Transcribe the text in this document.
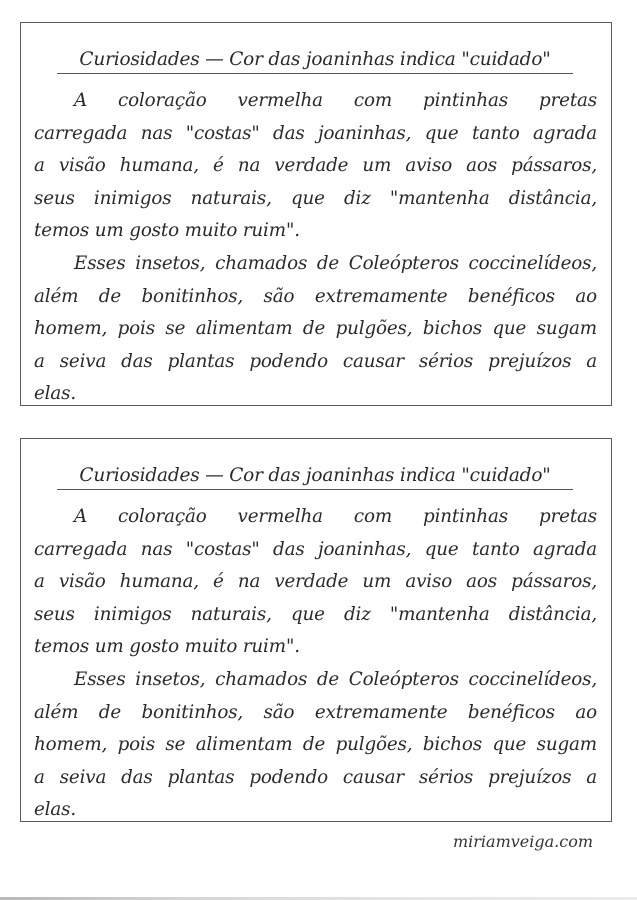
Curiosidades — Cor das joaninhas indica "cuidado"
A coloração vermelha com pintinhas pretas
carregada nas "costas" das joaninhas, que tanto agrada
a visão humana, é na verdade um aviso aos pássaros,
seus inimigos naturais, que diz "mantenha distância,
temos um gosto muito ruim".
Esses insetos, chamados de Coleópteros coccinelídeos,
além de bonitinhos, são extremamente benéficos ao
homem, pois se alimentam de pulgões, bichos que sugam
a seiva das plantas podendo causar sérios prejuízos a
elas.
Curiosidades — Cor das joaninhas indica "cuidado"
A coloração vermelha com pintinhas pretas
carregada nas "costas" das joaninhas, que tanto agrada
a visão humana, é na verdade um aviso aos pássaros,
seus inimigos naturais, que diz "mantenha distância,
temos um gosto muito ruim".
Esses insetos, chamados de Coleópteros coccinelídeos,
além de bonitinhos, são extremamente benéficos ao
homem, pois se alimentam de pulgões, bichos que sugam
a seiva das plantas podendo causar sérios prejuízos a
elas.
miriamveiga.com
